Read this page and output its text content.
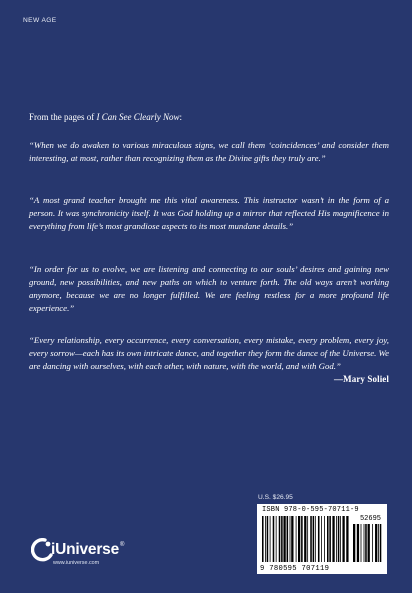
NEW AGE
From the pages of I Can See Clearly Now:
“When we do awaken to various miraculous signs, we call them ‘coincidences’ and consider them interesting, at most, rather than recognizing them as the Divine gifts they truly are.”
“A most grand teacher brought me this vital awareness. This instructor wasn’t in the form of a person. It was synchronicity itself. It was God holding up a mirror that reflected His magnificence in everything from life’s most grandiose aspects to its most mundane details.”
“In order for us to evolve, we are listening and connecting to our souls’ desires and gaining new ground, new possibilities, and new paths on which to venture forth. The old ways aren’t working anymore, because we are no longer fulfilled. We are feeling restless for a more profound life experience.”
“Every relationship, every occurrence, every conversation, every mistake, every problem, every joy, every sorrow—each has its own intricate dance, and together they form the dance of the Universe. We are dancing with ourselves, with each other, with nature, with the world, and with God.”
—Mary Soliel
U.S. $26.95
ISBN 978-0-595-70711-9
52695
9 780595 707119
iUniverse®
www.iuniverse.com
